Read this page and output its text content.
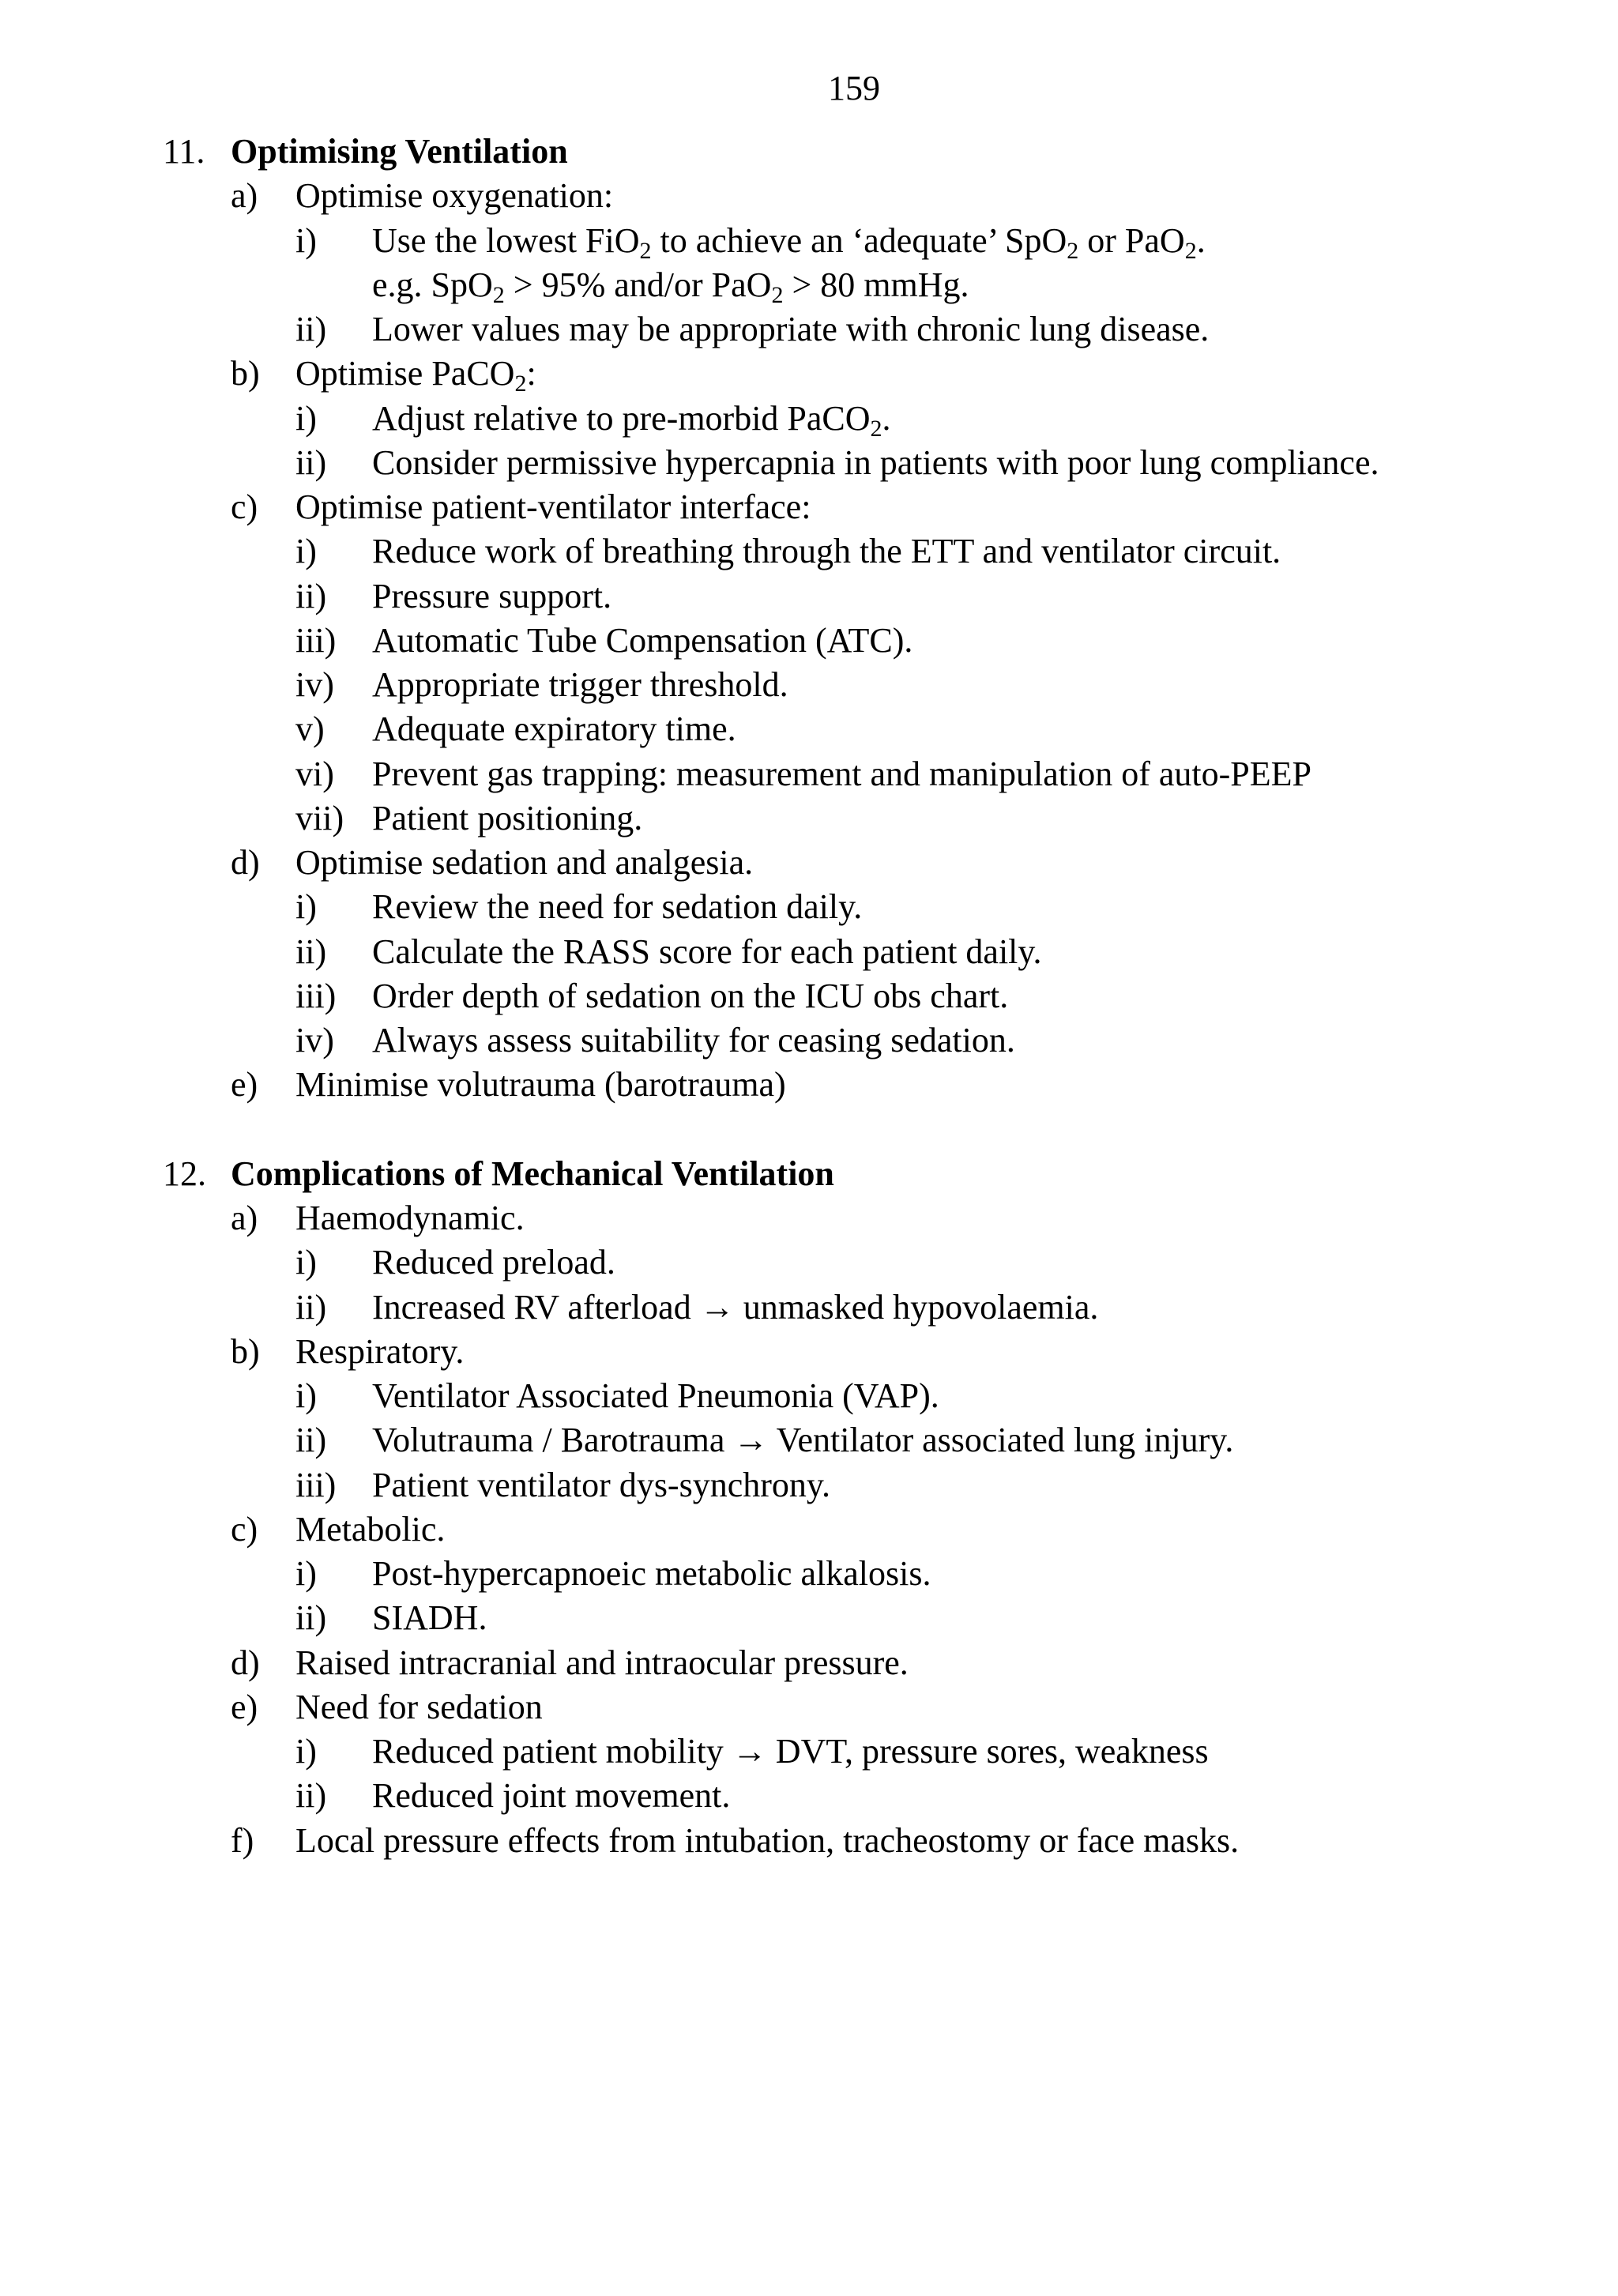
159
11. Optimising Ventilation
a) Optimise oxygenation:
i) Use the lowest FiO$_2$ to achieve an ‘adequate’ SpO$_2$ or PaO$_2$.
e.g. SpO$_2$ > 95% and/or PaO$_2$ > 80 mmHg.
ii) Lower values may be appropriate with chronic lung disease.
b) Optimise PaCO$_2$:
i) Adjust relative to pre-morbid PaCO$_2$.
ii) Consider permissive hypercapnia in patients with poor lung compliance.
c) Optimise patient-ventilator interface:
i) Reduce work of breathing through the ETT and ventilator circuit.
ii) Pressure support.
iii) Automatic Tube Compensation (ATC).
iv) Appropriate trigger threshold.
v) Adequate expiratory time.
vi) Prevent gas trapping: measurement and manipulation of auto-PEEP
vii) Patient positioning.
d) Optimise sedation and analgesia.
i) Review the need for sedation daily.
ii) Calculate the RASS score for each patient daily.
iii) Order depth of sedation on the ICU obs chart.
iv) Always assess suitability for ceasing sedation.
e) Minimise volutrauma (barotrauma)
12. Complications of Mechanical Ventilation
a) Haemodynamic.
i) Reduced preload.
ii) Increased RV afterload → unmasked hypovolaemia.
b) Respiratory.
i) Ventilator Associated Pneumonia (VAP).
ii) Volutrauma / Barotrauma → Ventilator associated lung injury.
iii) Patient ventilator dys-synchrony.
c) Metabolic.
i) Post-hypercapnoeic metabolic alkalosis.
ii) SIADH.
d) Raised intracranial and intraocular pressure.
e) Need for sedation
i) Reduced patient mobility → DVT, pressure sores, weakness
ii) Reduced joint movement.
f) Local pressure effects from intubation, tracheostomy or face masks.
